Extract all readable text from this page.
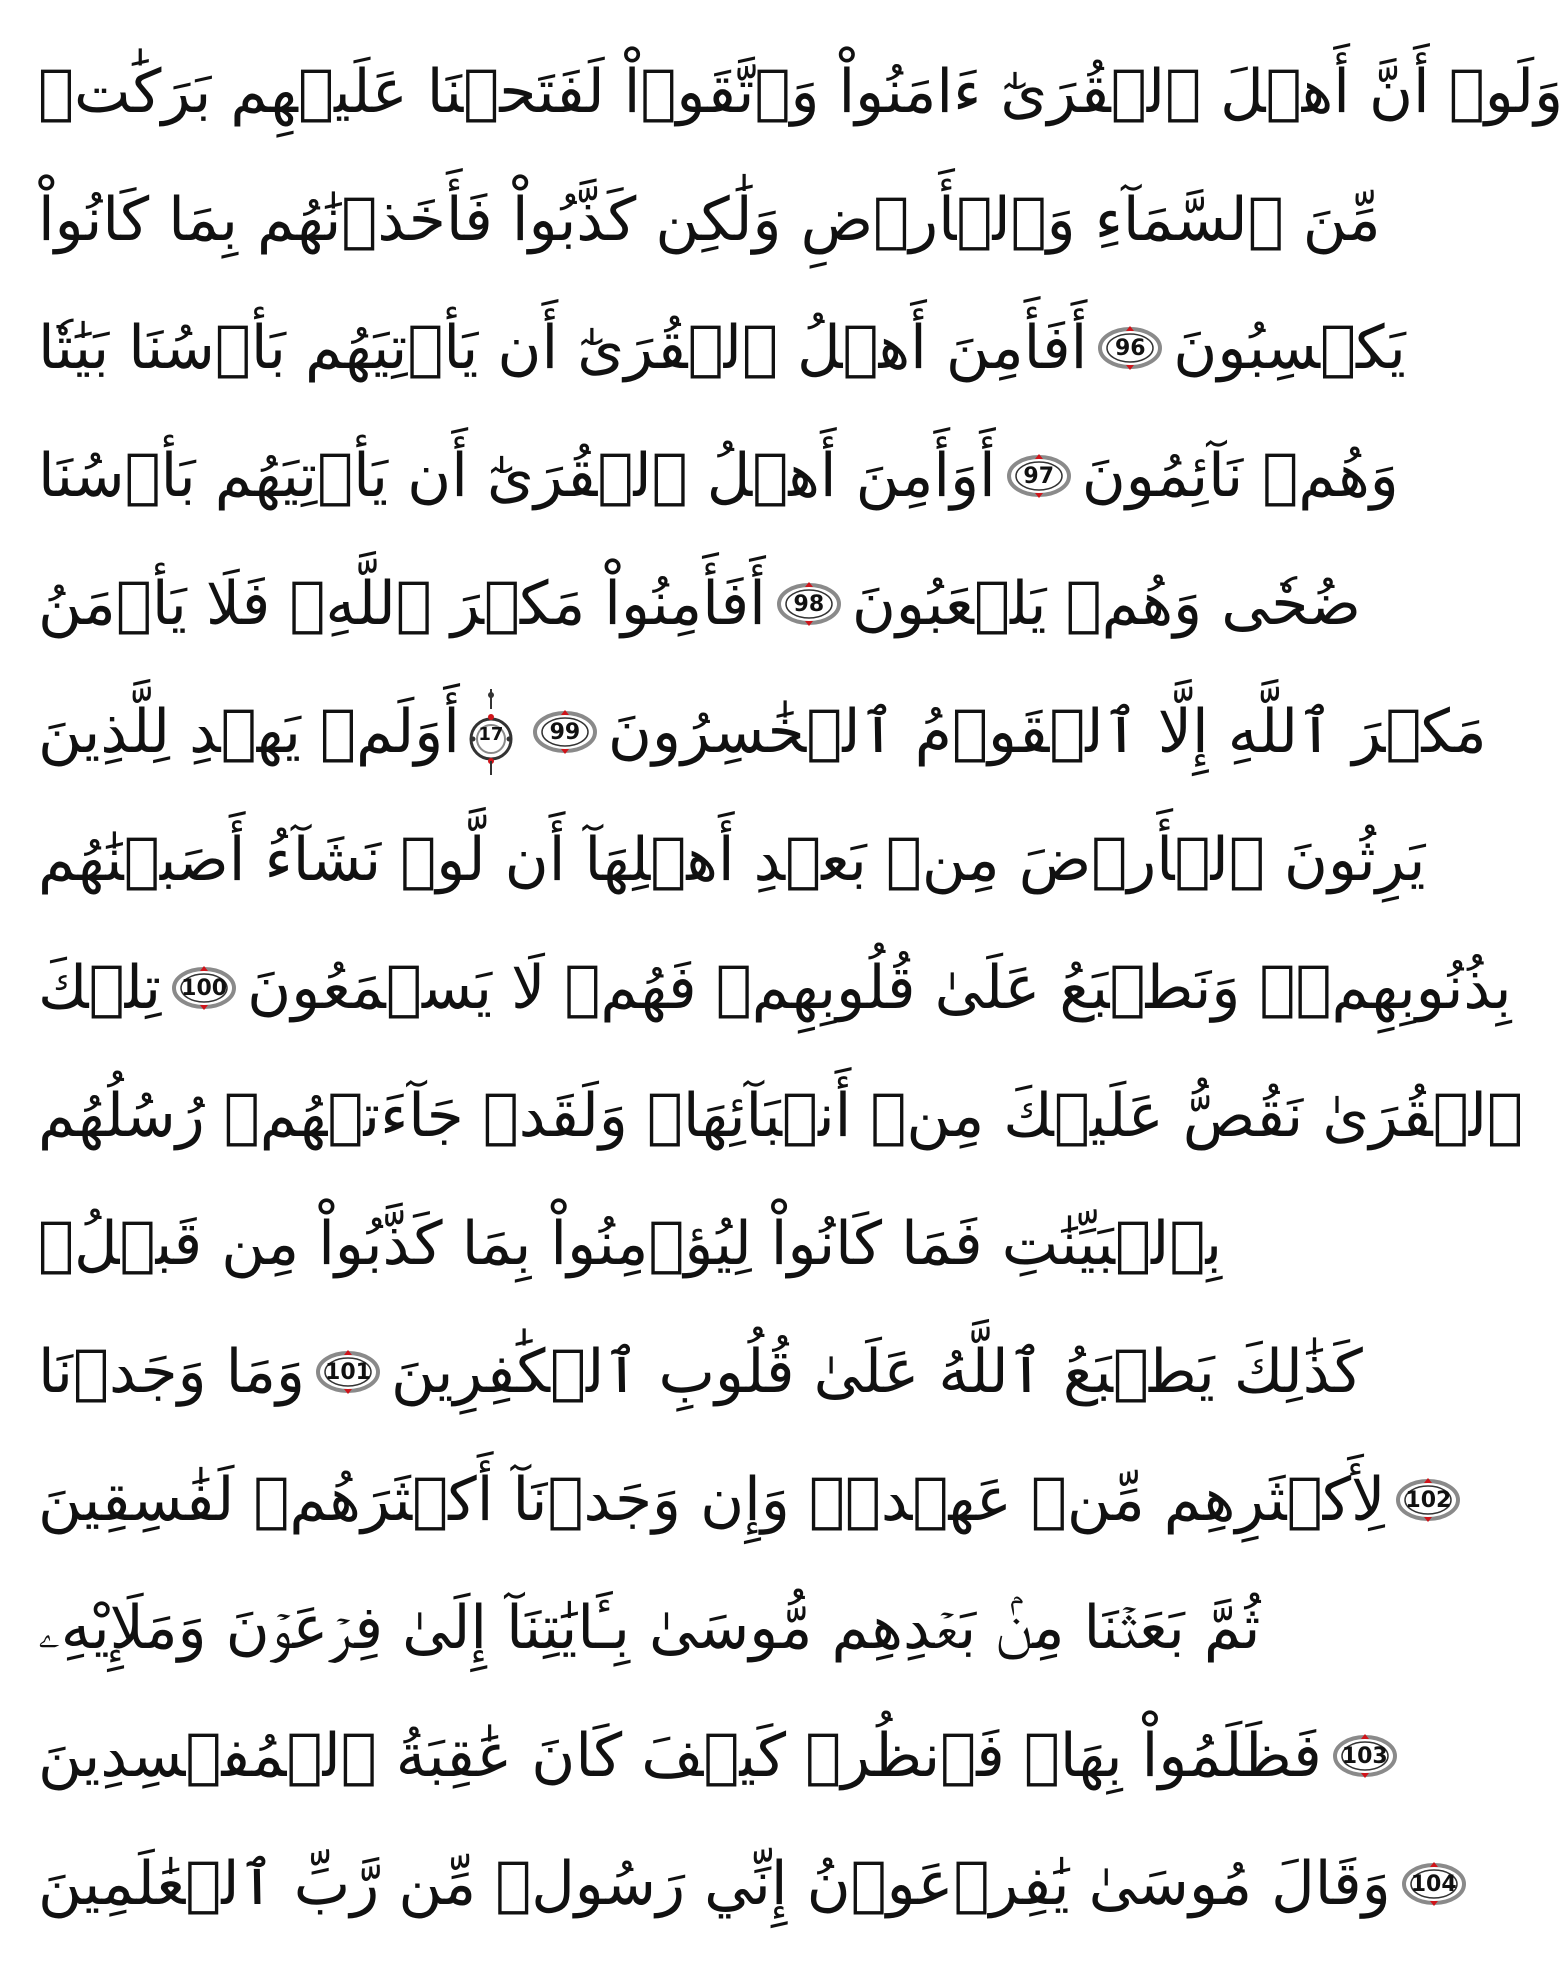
وَلَوۡ أَنَّ أَهۡلَ ٱلۡقُرَىٰٓ ءَامَنُواْ وَٱتَّقَوۡاْ لَفَتَحۡنَا عَلَيۡهِم بَرَكَٰتٖ
مِّنَ ٱلسَّمَآءِ وَٱلۡأَرۡضِ وَلَٰكِن كَذَّبُواْ فَأَخَذۡنَٰهُم بِمَا كَانُواْ
أَفَأَمِنَ أَهۡلُ ٱلۡقُرَىٰٓ أَن يَأۡتِيَهُم بَأۡسُنَا بَيَٰتٗا 96 يَكۡسِبُونَ
أَوَأَمِنَ أَهۡلُ ٱلۡقُرَىٰٓ أَن يَأۡتِيَهُم بَأۡسُنَا 97 وَهُمۡ نَآئِمُونَ
أَفَأَمِنُواْ مَكۡرَ ٱللَّهِۚ فَلَا يَأۡمَنُ 98 ضُحٗى وَهُمۡ يَلۡعَبُونَ
أَوَلَمۡ يَهۡدِ لِلَّذِينَ 17 99 مَكۡرَ ٱللَّهِ إِلَّا ٱلۡقَوۡمُ ٱلۡخَٰسِرُونَ
يَرِثُونَ ٱلۡأَرۡضَ مِنۢ بَعۡدِ أَهۡلِهَآ أَن لَّوۡ نَشَآءُ أَصَبۡنَٰهُم
تِلۡكَ 100 بِذُنُوبِهِمۡۚ وَنَطۡبَعُ عَلَىٰ قُلُوبِهِمۡ فَهُمۡ لَا يَسۡمَعُونَ
ٱلۡقُرَىٰ نَقُصُّ عَلَيۡكَ مِنۡ أَنۢبَآئِهَاۚ وَلَقَدۡ جَآءَتۡهُمۡ رُسُلُهُم
بِٱلۡبَيِّنَٰتِ فَمَا كَانُواْ لِيُؤۡمِنُواْ بِمَا كَذَّبُواْ مِن قَبۡلُۚ
وَمَا وَجَدۡنَا 101 كَذَٰلِكَ يَطۡبَعُ ٱللَّهُ عَلَىٰ قُلُوبِ ٱلۡكَٰفِرِينَ
لِأَكۡثَرِهِم مِّنۡ عَهۡدٖۖ وَإِن وَجَدۡنَآ أَكۡثَرَهُمۡ لَفَٰسِقِينَ 102
ثُمَّ بَعَثۡنَا مِنۢ بَعۡدِهِم مُّوسَىٰ بِـَٔايَٰتِنَآ إِلَىٰ فِرۡعَوۡنَ وَمَلَإِيْهِۦ
فَظَلَمُواْ بِهَاۖ فَٱنظُرۡ كَيۡفَ كَانَ عَٰقِبَةُ ٱلۡمُفۡسِدِينَ 103
وَقَالَ مُوسَىٰ يَٰفِرۡعَوۡنُ إِنِّي رَسُولٞ مِّن رَّبِّ ٱلۡعَٰلَمِينَ 104
